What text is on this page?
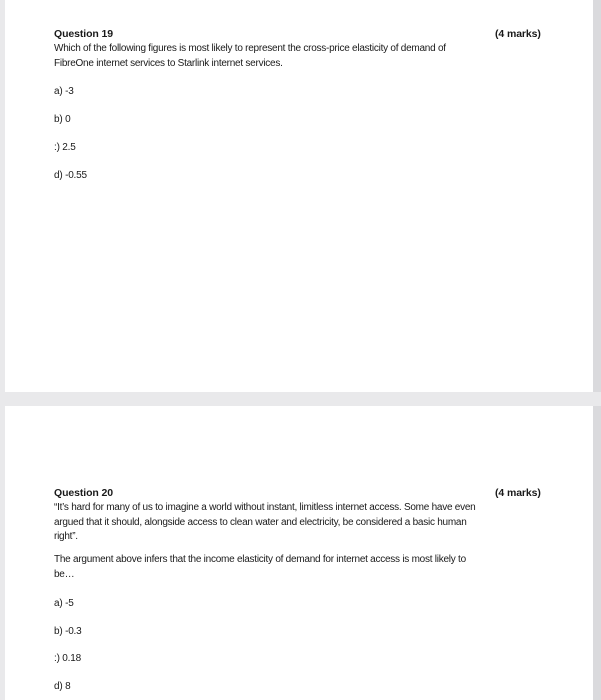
Question 19	(4 marks)
Which of the following figures is most likely to represent the cross-price elasticity of demand of FibreOne internet services to Starlink internet services.
a) -3
b) 0
:) 2.5
d) -0.55
Question 20	(4 marks)
“It’s hard for many of us to imagine a world without instant, limitless internet access. Some have even argued that it should, alongside access to clean water and electricity, be considered a basic human right”.
The argument above infers that the income elasticity of demand for internet access is most likely to be…
a) -5
b) -0.3
:) 0.18
d) 8
